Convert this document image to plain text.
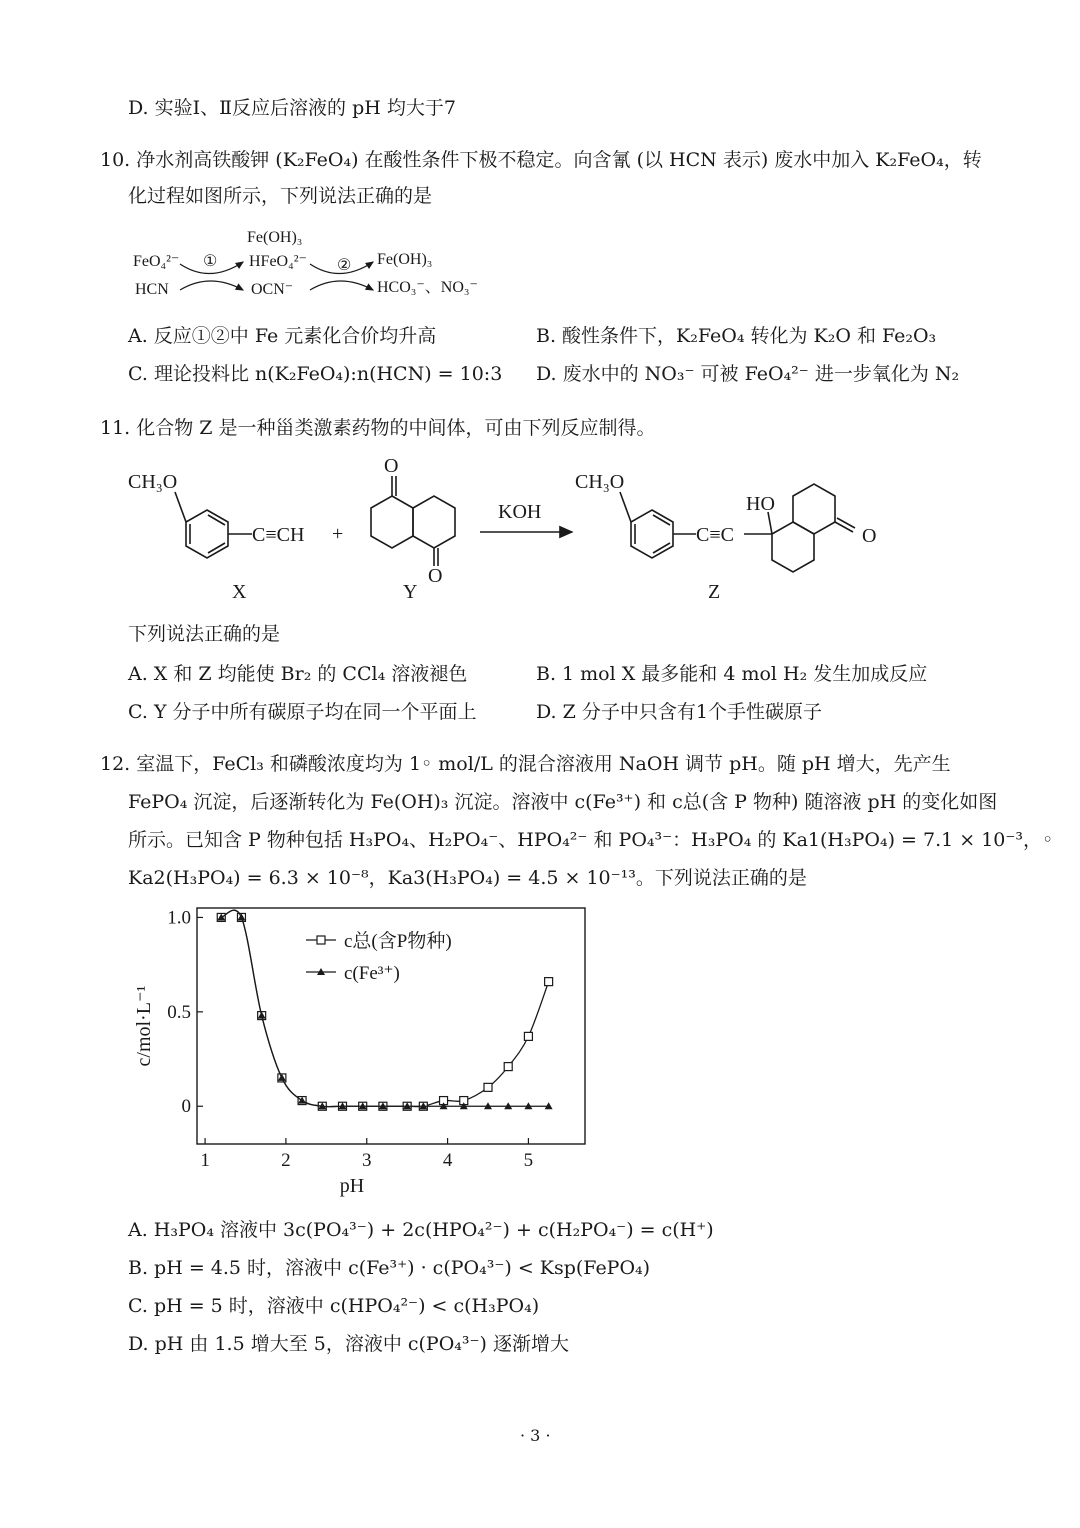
D. 实验Ⅰ、Ⅱ反应后溶液的 pH 均大于7
10. 净水剂高铁酸钾 (K₂FeO₄) 在酸性条件下极不稳定。向含氰 (以 HCN 表示) 废水中加入 K₂FeO₄，转
化过程如图所示，下列说法正确的是
FeO₄²⁻
HCN
①
Fe(OH)₃
HFeO₄²⁻
OCN⁻
② Fe(OH)₃
HCO₃⁻、NO₃⁻
A. 反应①②中 Fe 元素化合价均升高	B. 酸性条件下，K₂FeO₄ 转化为 K₂O 和 Fe₂O₃
C. 理论投料比 n(K₂FeO₄):n(HCN) = 10:3 D. 废水中的 NO₃⁻ 可被 FeO₄²⁻ 进一步氧化为 N₂
11. 化合物 Z 是一种甾类激素药物的中间体，可由下列反应制得。
CH₃O
C≡CH +
X
O
O
Y
KOH
CH₃O
C≡C
HO
O
Z
下列说法正确的是
A. X 和 Z 均能使 Br₂ 的 CCl₄ 溶液褪色	B. 1 mol X 最多能和 4 mol H₂ 发生加成反应
C. Y 分子中所有碳原子均在同一个平面上	D. Z 分子中只含有1个手性碳原子
12. 室温下，FeCl₃ 和磷酸浓度均为 1◦ mol/L 的混合溶液用 NaOH 调节 pH。随 pH 增大，先产生
FePO₄ 沉淀，后逐渐转化为 Fe(OH)₃ 沉淀。溶液中 c(Fe³⁺) 和 c总(含 P 物种) 随溶液 pH 的变化如图
所示。已知含 P 物种包括 H₃PO₄、H₂PO₄⁻、HPO₄²⁻ 和 PO₄³⁻：H₃PO₄ 的 Ka1(H₃PO₄) = 7.1 × 10⁻³，◦
Ka2(H₃PO₄) = 6.3 × 10⁻⁸，Ka3(H₃PO₄) = 4.5 × 10⁻¹³。下列说法正确的是
1	2	3	4	5
0
0.5
1.0
c总(含P物种)
c(Fe³⁺)
pH
c/mol·L⁻¹
A. H₃PO₄ 溶液中 3c(PO₄³⁻) + 2c(HPO₄²⁻) + c(H₂PO₄⁻) = c(H⁺)
B. pH = 4.5 时，溶液中 c(Fe³⁺) · c(PO₄³⁻) < Ksp(FePO₄)
C. pH = 5 时，溶液中 c(HPO₄²⁻) < c(H₃PO₄)
D. pH 由 1.5 增大至 5，溶液中 c(PO₄³⁻) 逐渐增大
· 3 ·
